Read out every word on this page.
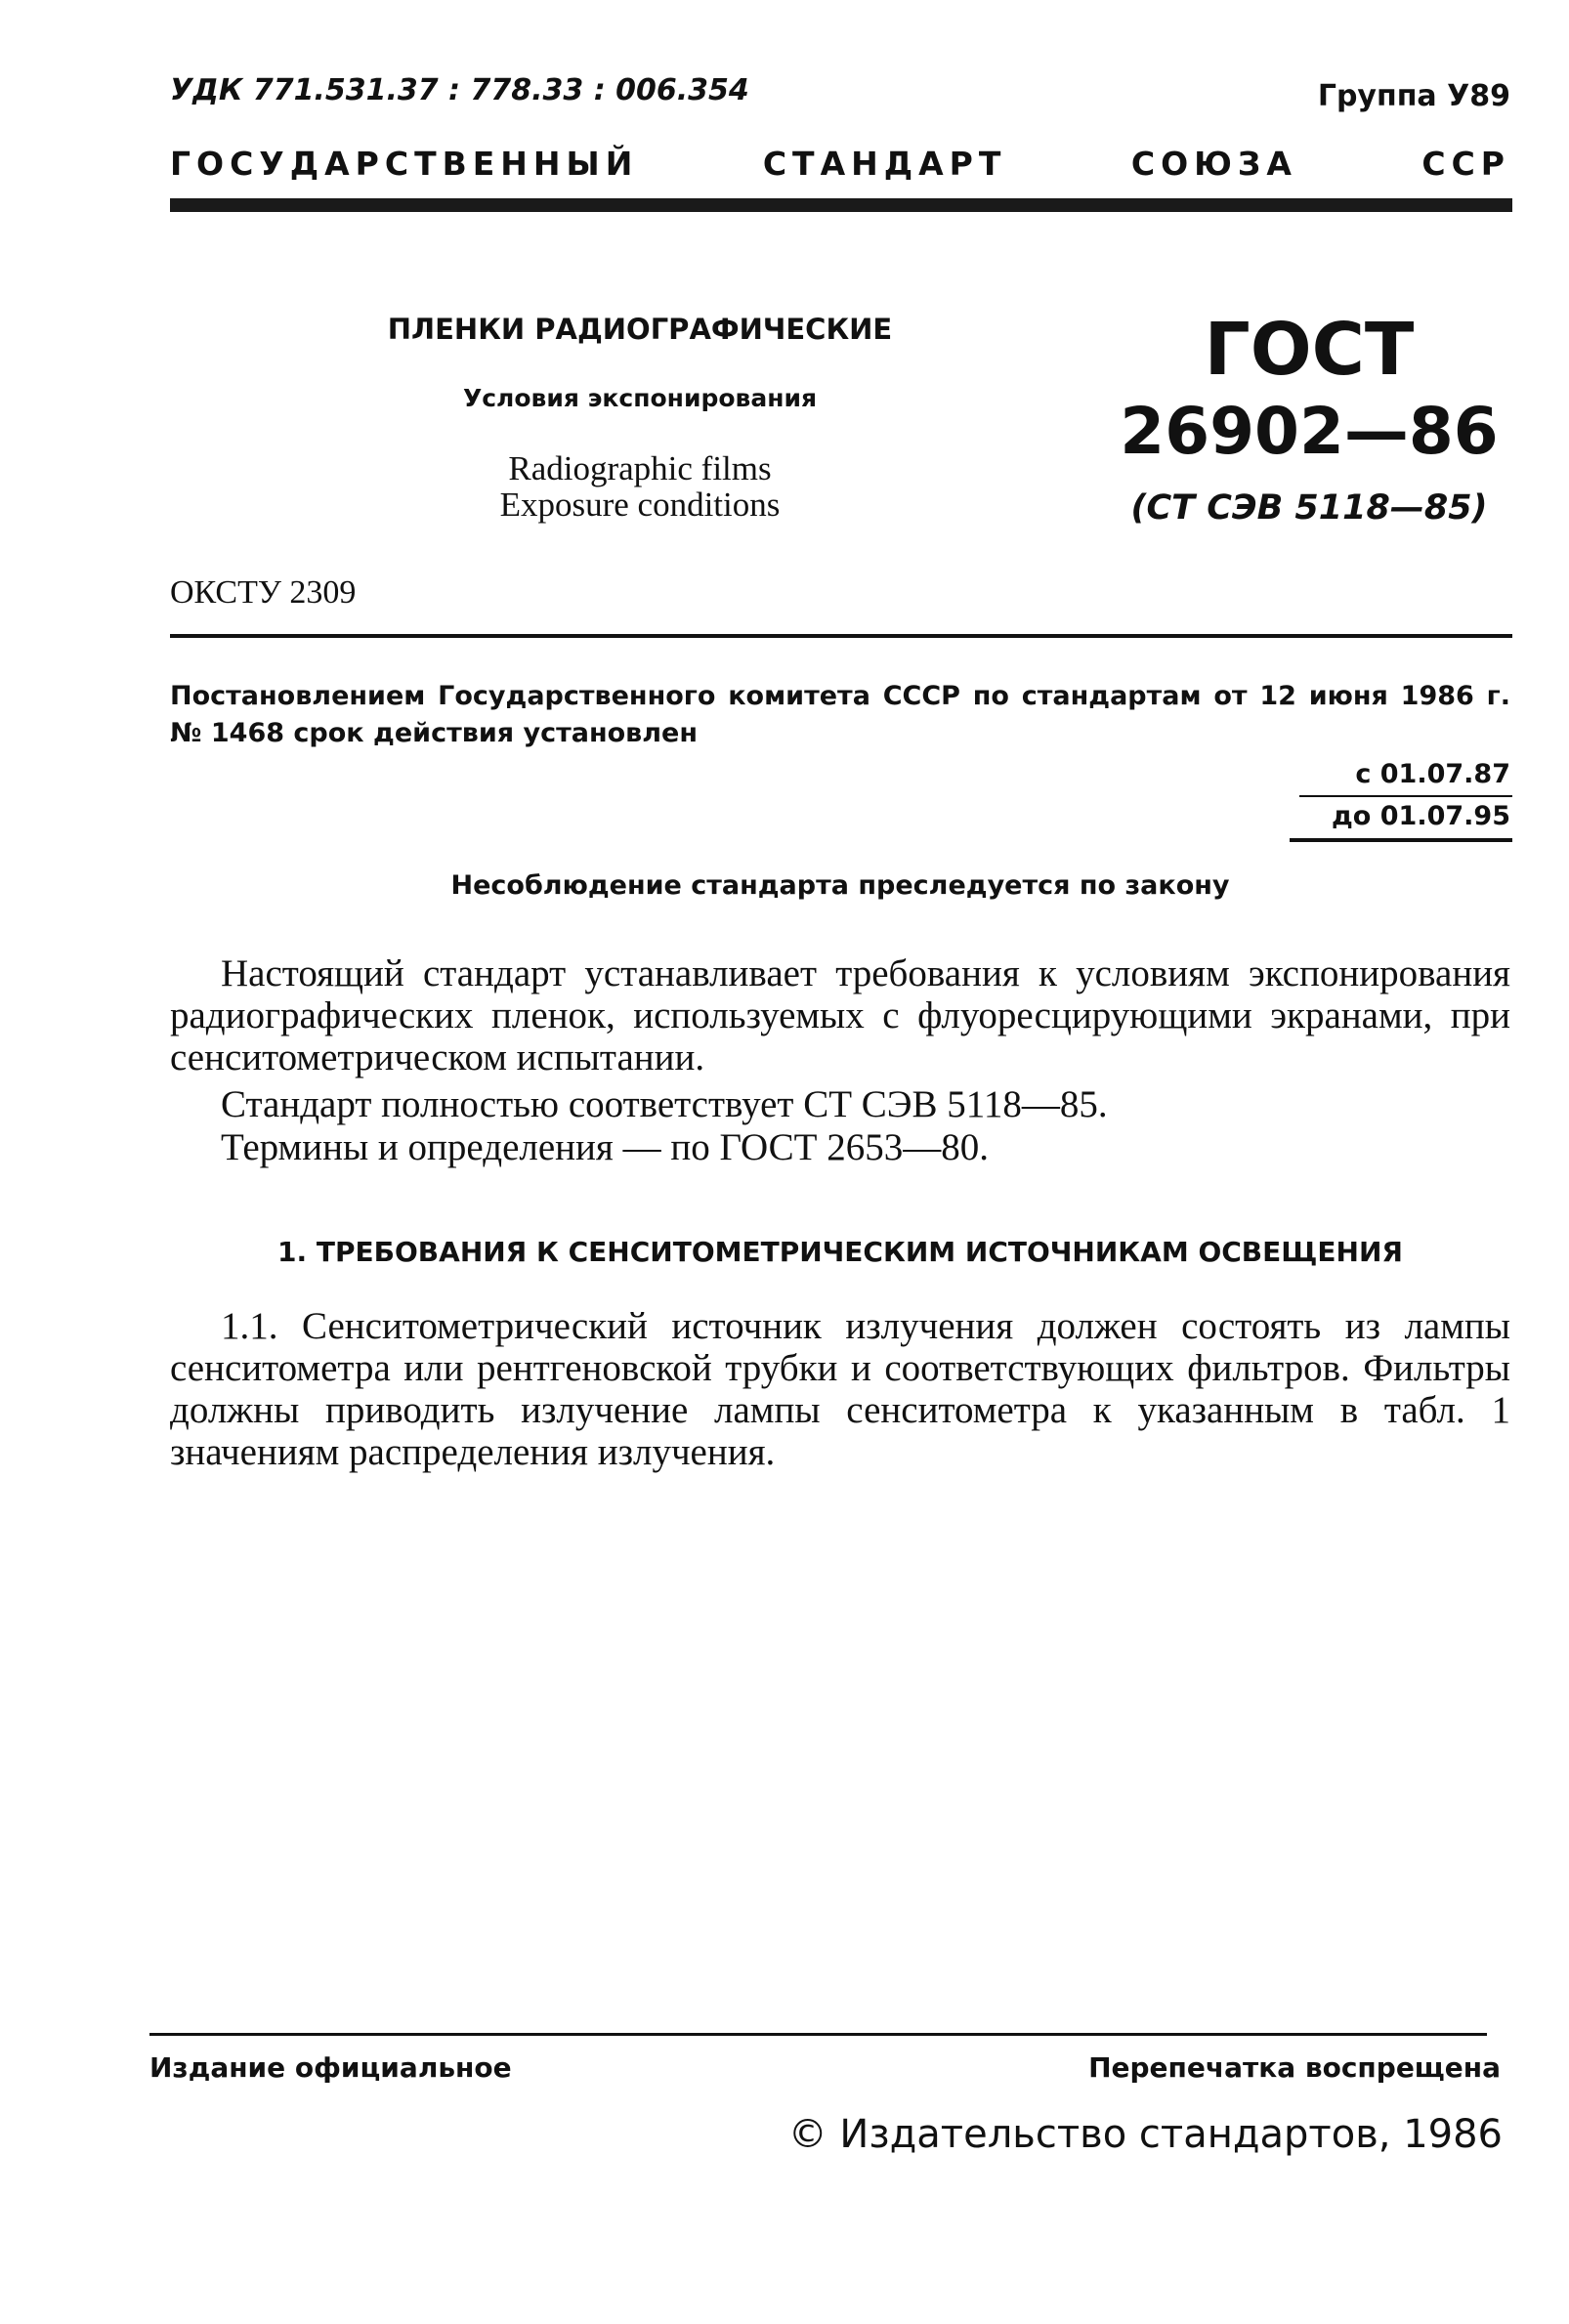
УДК 771.531.37 : 778.33 : 006.354	Группа У89
ГОСУДАРСТВЕННЫЙ СТАНДАРТ СОЮЗА ССР
ПЛЕНКИ РАДИОГРАФИЧЕСКИЕ
Условия экспонирования
Radiographic films
Exposure conditions
ГОСТ
26902—86
(СТ СЭВ 5118—85)
ОКСТУ 2309
Постановлением Государственного комитета СССР по стандартам от 12 июня 1986 г. № 1468 срок действия установлен
с 01.07.87
до 01.07.95
Несоблюдение стандарта преследуется по закону
Настоящий стандарт устанавливает требования к условиям экспонирования радиографических пленок, используемых с флуоресцирующими экранами, при сенситометрическом испытании.
Стандарт полностью соответствует СТ СЭВ 5118—85.
Термины и определения — по ГОСТ 2653—80.
1. ТРЕБОВАНИЯ К СЕНСИТОМЕТРИЧЕСКИМ ИСТОЧНИКАМ ОСВЕЩЕНИЯ
1.1. Сенситометрический источник излучения должен состоять из лампы сенситометра или рентгеновской трубки и соответствующих фильтров. Фильтры должны приводить излучение лампы сенситометра к указанным в табл. 1 значениям распределения излучения.
Издание официальное	Перепечатка воспрещена
© Издательство стандартов, 1986
